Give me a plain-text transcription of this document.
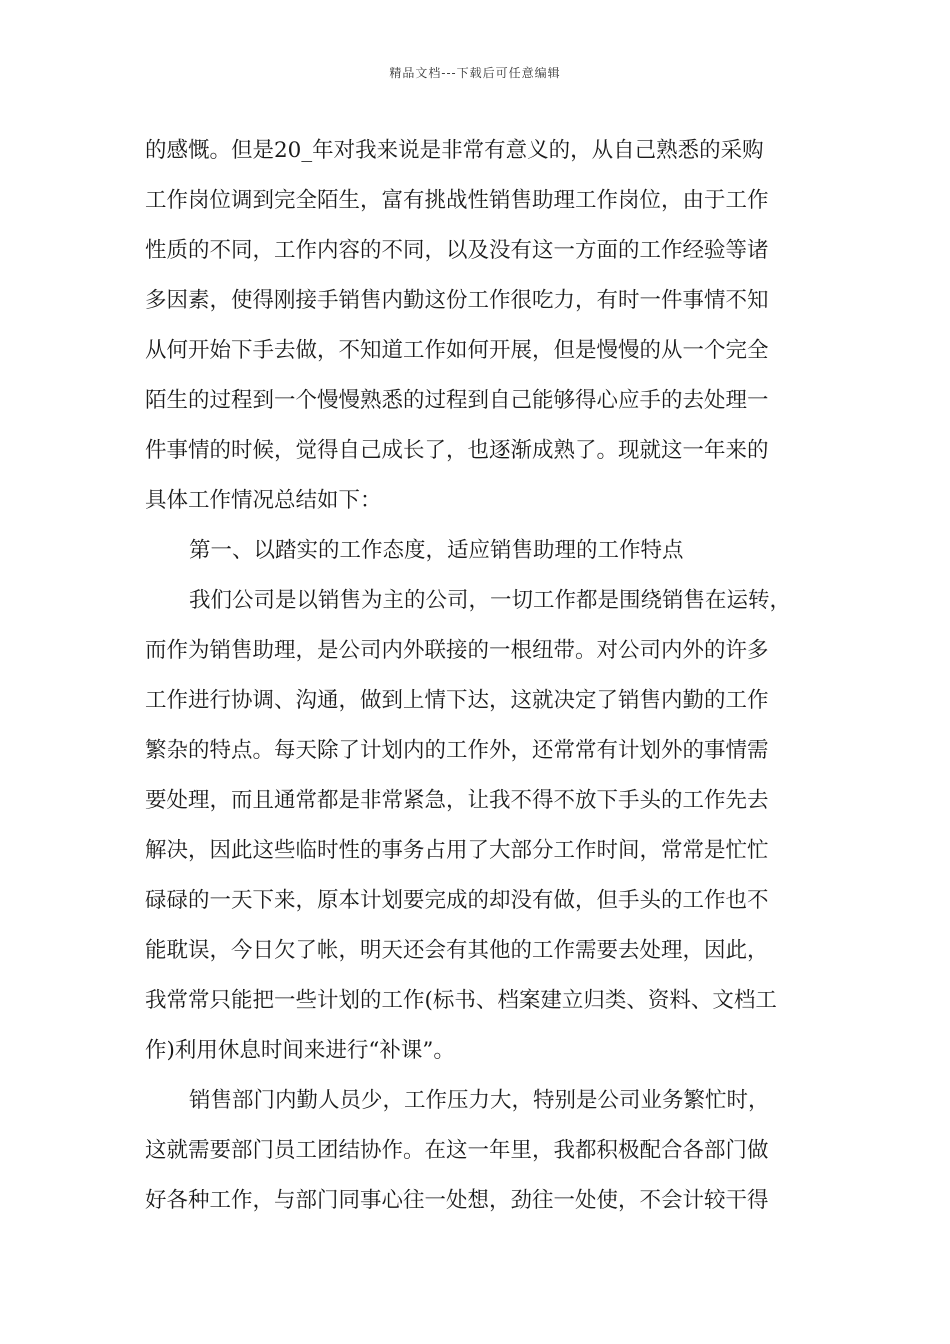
精品文档---下载后可任意编辑
的感慨。但是20_年对我来说是非常有意义的，从自己熟悉的采购
工作岗位调到完全陌生，富有挑战性销售助理工作岗位，由于工作
性质的不同，工作内容的不同，以及没有这一方面的工作经验等诸
多因素，使得刚接手销售内勤这份工作很吃力，有时一件事情不知
从何开始下手去做，不知道工作如何开展，但是慢慢的从一个完全
陌生的过程到一个慢慢熟悉的过程到自己能够得心应手的去处理一
件事情的时候，觉得自己成长了，也逐渐成熟了。现就这一年来的
具体工作情况总结如下：
第一、以踏实的工作态度，适应销售助理的工作特点
我们公司是以销售为主的公司，一切工作都是围绕销售在运转，
而作为销售助理，是公司内外联接的一根纽带。对公司内外的许多
工作进行协调、沟通，做到上情下达，这就决定了销售内勤的工作
繁杂的特点。每天除了计划内的工作外，还常常有计划外的事情需
要处理，而且通常都是非常紧急，让我不得不放下手头的工作先去
解决，因此这些临时性的事务占用了大部分工作时间，常常是忙忙
碌碌的一天下来，原本计划要完成的却没有做，但手头的工作也不
能耽误，今日欠了帐，明天还会有其他的工作需要去处理，因此，
我常常只能把一些计划的工作(标书、档案建立归类、资料、文档工
作)利用休息时间来进行“补课”。
销售部门内勤人员少，工作压力大，特别是公司业务繁忙时，
这就需要部门员工团结协作。在这一年里，我都积极配合各部门做
好各种工作，与部门同事心往一处想，劲往一处使，不会计较干得
